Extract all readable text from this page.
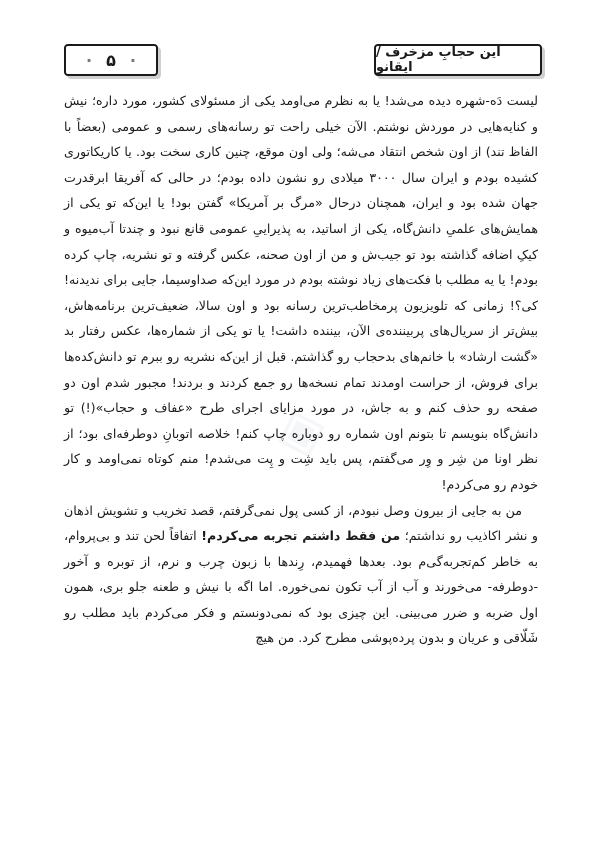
این حجابِ مزخرف / ایقانو
· ۵ ·
◈

لیست دَه-شهره دیده می‌شد! یا به نظرم می‌اومد یکی از مسئولای کشور، مورد داره؛ نیش و کنایه‌هایی در موردش نوشتم. الآن خیلی راحت تو رسانه‌های رسمی و عمومی (بعضاً با الفاظ تند) از اون شخص انتقاد می‌شه؛ ولی اون موقع، چنین کاری سخت بود. یا کاریکاتوری کشیده بودم و ایران سال ۳۰۰۰ میلادی رو نشون داده بودم؛ در حالی که آفریقا ابرقدرت جهان شده بود و ایران، همچنان درحال «مرگ بر آمریکا» گفتن بود! یا این‌که تو یکی از همایش‌های علمیِ دانش‌گاه، یکی از اساتید، به پذیراییِ عمومی قانع نبود و چندتا آب‌میوه و کیکِ اضافه گذاشته بود تو جیب‌ش و من از اون صحنه، عکس گرفته و تو نشریه، چاپ کرده بودم! یا یه مطلب با فکت‌های زیاد نوشته بودم در مورد این‌که صداوسیما، جایی برای ندیدنه! کی؟! زمانی که تلویزیون پرمخاطب‌ترین رسانه بود و اون سالا، ضعیف‌ترین برنامه‌هاش، بیش‌تر از سریال‌های پربیننده‌ی الآن، بیننده داشت! یا تو یکی از شماره‌ها، عکس رفتار بد «گشت ارشاد» با خانم‌های بدحجاب رو گذاشتم. قبل از این‌که نشریه رو ببرم تو دانش‌کده‌ها برای فروش، از حراست اومدند تمام نسخه‌ها رو جمع کردند و بردند! مجبور شدم اون دو صفحه رو حذف کنم و به جاش، در مورد مزایای اجرای طرح «عفاف و حجاب»(!) تو دانش‌گاه بنویسم تا بتونم اون شماره رو دوباره چاپ کنم! خلاصه اتوبانِ دوطرفه‌ای بود؛ از نظر اونا من شِر و وِر می‌گفتم، پس باید شِت و پِت می‌شدم! منم کوتاه نمی‌اومد و کار خودم رو می‌کردم!

من به جایی از بیرون وصل نبودم، از کسی پول نمی‌گرفتم، قصد تخریب و تشویش اذهان و نشر اکاذیب رو نداشتم؛ من فقط داشتم تجربه می‌کردم! اتفاقاً لحن تند و بی‌پروام، به خاطر کم‌تجربه‌گی‌م بود. بعدها فهمیدم، رِندها با زبون چرب و نرم، از توبره و آخور -دوطرفه- می‌خورند و آب از آب تکون نمی‌خوره. اما اگه با نیش و طعنه جلو بری، همون اول ضربه و ضرر می‌بینی. این چیزی بود که نمی‌دونستم و فکر می‌کردم باید مطلب رو شَلّاقی و عریان و بدون پرده‌پوشی مطرح کرد. من هیچ
